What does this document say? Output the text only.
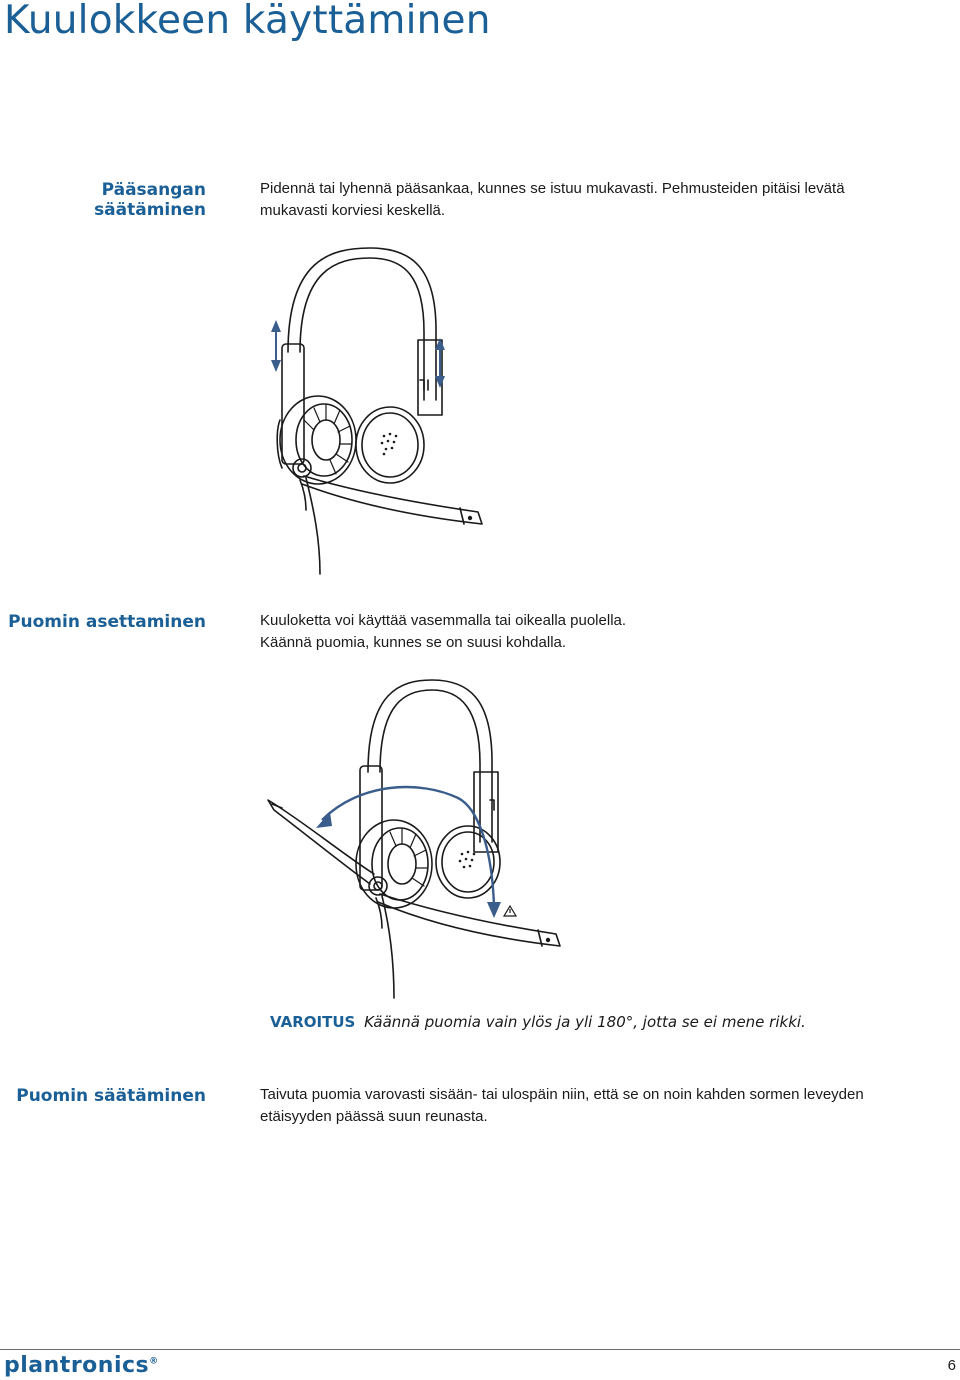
Kuulokkeen käyttäminen
Pääsangan säätäminen

Pidennä tai lyhennä pääsankaa, kunnes se istuu mukavasti. Pehmusteiden pitäisi levätä

mukavasti korviesi keskellä.

Puomin asettaminen	Kuuloketta voi käyttää vasemmalla tai oikealla puolella.

Käännä puomia, kunnes se on suusi kohdalla.

VAROITUS Käännä puomia vain ylös ja yli 180°, jotta se ei mene rikki.
Puomin säätäminen	Taivuta puomia varovasti sisään- tai ulospäin niin, että se on noin kahden sormen leveyden

etäisyyden päässä suun reunasta.

plantronics®	6
